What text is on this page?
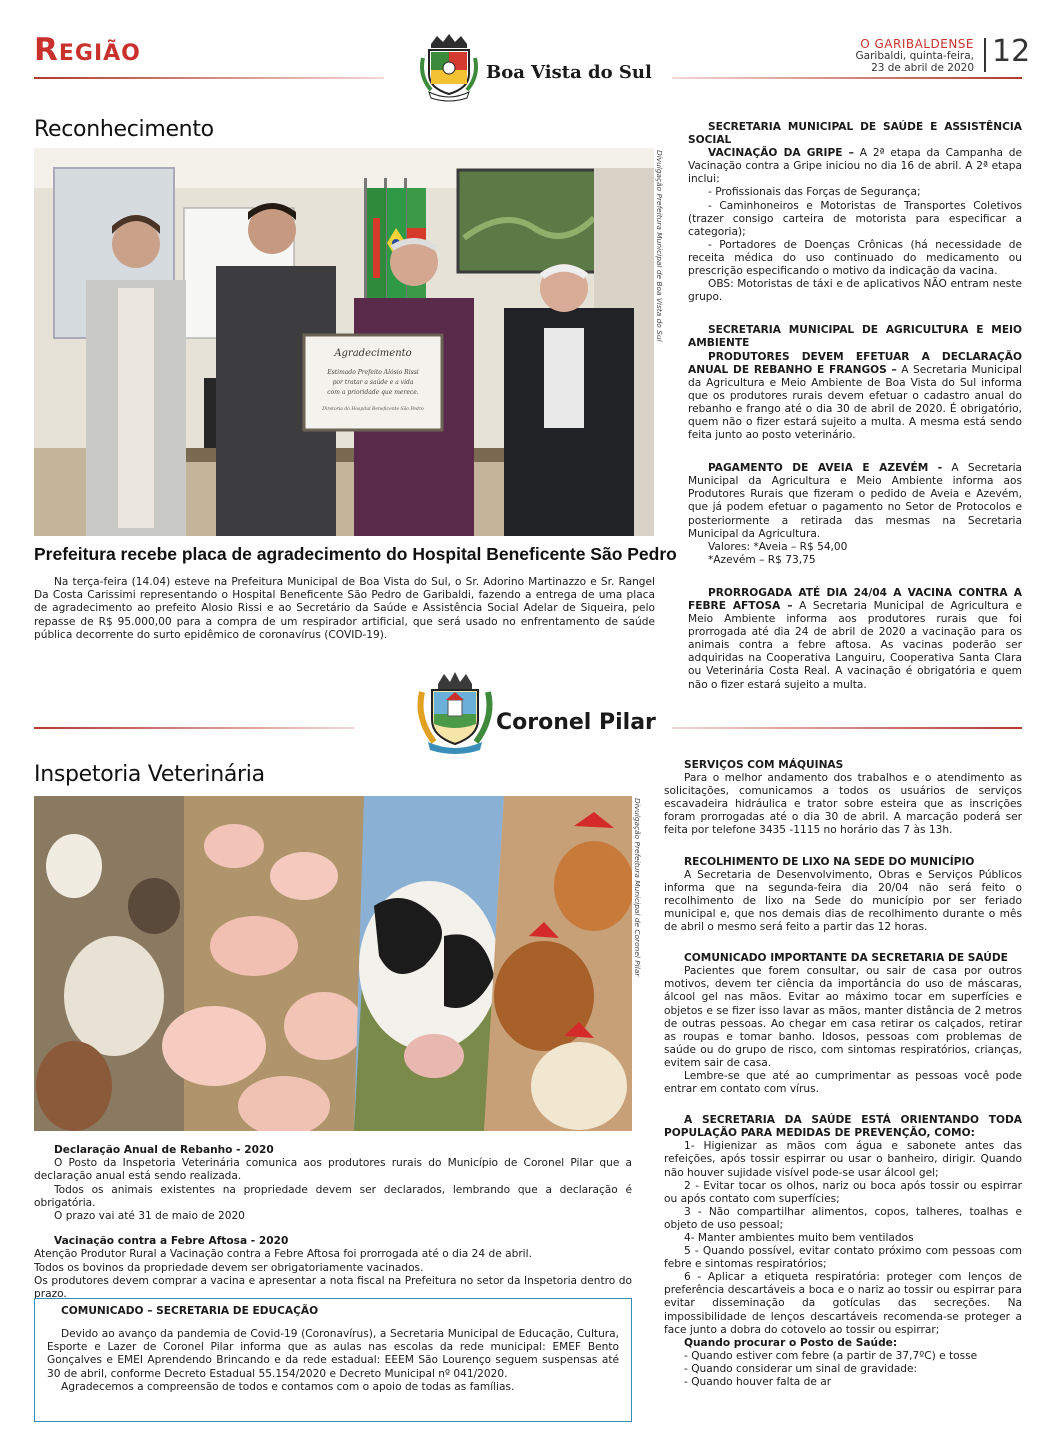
Região
Boa Vista do Sul
O GARIBALDENSE
Garibaldi, quinta-feira,
23 de abril de 2020 12
Reconhecimento
Agradecimento
Estimado Prefeito Alósio Rissi
por tratar a saúde e a vida
com a prioridade que merece.
Diretoria do Hospital Beneficente São Pedro
Divulgação Prefeitura Municipal de Boa Vista do Sul
Prefeitura recebe placa de agradecimento do Hospital Beneficente São Pedro

Na terça-feira (14.04) esteve na Prefeitura Municipal de Boa Vista do Sul, o Sr. Adorino Martinazzo e Sr. Rangel Da Costa Carissimi representando o Hospital Beneficente São Pedro de Garibaldi, fazendo a entrega de uma placa de agradecimento ao prefeito Alosio Rissi e ao Secretário da Saúde e Assistência Social Adelar de Siqueira, pelo repasse de R$ 95.000,00 para a compra de um respirador artificial, que será usado no enfrentamento de saúde pública decorrente do surto epidêmico de coronavírus (COVID-19).

SECRETARIA MUNICIPAL DE SAÚDE E ASSISTÊNCIA SOCIAL
VACINAÇÃO DA GRIPE – A 2ª etapa da Campanha de Vacinação contra a Gripe iniciou no dia 16 de abril. A 2ª etapa inclui:
- Profissionais das Forças de Segurança;
- Caminhoneiros e Motoristas de Transportes Coletivos (trazer consigo carteira de motorista para especificar a categoria);
- Portadores de Doenças Crônicas (há necessidade de receita médica do uso continuado do medicamento ou prescrição especificando o motivo da indicação da vacina.
OBS: Motoristas de táxi e de aplicativos NÃO entram neste grupo.
SECRETARIA MUNICIPAL DE AGRICULTURA E MEIO AMBIENTE
PRODUTORES DEVEM EFETUAR A DECLARAÇÃO ANUAL DE REBANHO E FRANGOS – A Secretaria Municipal da Agricultura e Meio Ambiente de Boa Vista do Sul informa que os produtores rurais devem efetuar o cadastro anual do rebanho e frango até o dia 30 de abril de 2020. É obrigatório, quem não o fizer estará sujeito a multa. A mesma está sendo feita junto ao posto veterinário.
PAGAMENTO DE AVEIA E AZEVÉM - A Secretaria Municipal da Agricultura e Meio Ambiente informa aos Produtores Rurais que fizeram o pedido de Aveia e Azevém, que já podem efetuar o pagamento no Setor de Protocolos e posteriormente a retirada das mesmas na Secretaria Municipal da Agricultura.
Valores: *Aveia – R$ 54,00
*Azevém – R$ 73,75
PRORROGADA ATÉ DIA 24/04 A VACINA CONTRA A FEBRE AFTOSA – A Secretaria Municipal de Agricultura e Meio Ambiente informa aos produtores rurais que foi prorrogada até dia 24 de abril de 2020 a vacinação para os animais contra a febre aftosa. As vacinas poderão ser adquiridas na Cooperativa Languiru, Cooperativa Santa Clara ou Veterinária Costa Real. A vacinação é obrigatória e quem não o fizer estará sujeito a multa.
Coronel Pilar
Inspetoria Veterinária
Divulgação Prefeitura Municipal de Coronel Pilar
Declaração Anual de Rebanho - 2020

O Posto da Inspetoria Veterinária comunica aos produtores rurais do Município de Coronel Pilar que a declaração anual está sendo realizada.

Todos os animais existentes na propriedade devem ser declarados, lembrando que a declaração é obrigatória.

O prazo vai até 31 de maio de 2020

Vacinação contra a Febre Aftosa - 2020
Atenção Produtor Rural a Vacinação contra a Febre Aftosa foi prorrogada até o dia 24 de abril.
Todos os bovinos da propriedade devem ser obrigatoriamente vacinados.
Os produtores devem comprar a vacina e apresentar a nota fiscal na Prefeitura no setor da Inspetoria dentro do prazo.
COMUNICADO – SECRETARIA DE EDUCAÇÃO

Devido ao avanço da pandemia de Covid-19 (Coronavírus), a Secretaria Municipal de Educação, Cultura, Esporte e Lazer de Coronel Pilar informa que as aulas nas escolas da rede municipal: EMEF Bento Gonçalves e EMEI Aprendendo Brincando e da rede estadual: EEEM São Lourenço seguem suspensas até 30 de abril, conforme Decreto Estadual 55.154/2020 e Decreto Municipal nº 041/2020.

Agradecemos a compreensão de todos e contamos com o apoio de todas as famílias.

SERVIÇOS COM MÁQUINAS
Para o melhor andamento dos trabalhos e o atendimento as solicitações, comunicamos a todos os usuários de serviços escavadeira hidráulica e trator sobre esteira que as inscrições foram prorrogadas até o dia 30 de abril. A marcação poderá ser feita por telefone 3435 -1115 no horário das 7 às 13h.
RECOLHIMENTO DE LIXO NA SEDE DO MUNICÍPIO
A Secretaria de Desenvolvimento, Obras e Serviços Públicos informa que na segunda-feira dia 20/04 não será feito o recolhimento de lixo na Sede do município por ser feriado municipal e, que nos demais dias de recolhimento durante o mês de abril o mesmo será feito a partir das 12 horas.
COMUNICADO IMPORTANTE DA SECRETARIA DE SAÚDE
Pacientes que forem consultar, ou sair de casa por outros motivos, devem ter ciência da importância do uso de máscaras, álcool gel nas mãos. Evitar ao máximo tocar em superfícies e objetos e se fizer isso lavar as mãos, manter distância de 2 metros de outras pessoas. Ao chegar em casa retirar os calçados, retirar as roupas e tomar banho. Idosos, pessoas com problemas de saúde ou do grupo de risco, com sintomas respiratórios, crianças, evitem sair de casa.
Lembre-se que até ao cumprimentar as pessoas você pode entrar em contato com vírus.
A SECRETARIA DA SAÚDE ESTÁ ORIENTANDO TODA POPULAÇÃO PARA MEDIDAS DE PREVENÇÃO, COMO:
1- Higienizar as mãos com água e sabonete antes das refeições, após tossir espirrar ou usar o banheiro, dirigir. Quando não houver sujidade visível pode-se usar álcool gel;
2 - Evitar tocar os olhos, nariz ou boca após tossir ou espirrar ou após contato com superfícies;
3 - Não compartilhar alimentos, copos, talheres, toalhas e objeto de uso pessoal;
4- Manter ambientes muito bem ventilados
5 - Quando possível, evitar contato próximo com pessoas com febre e sintomas respiratórios;
6 - Aplicar a etiqueta respiratória: proteger com lenços de preferência descartáveis a boca e o nariz ao tossir ou espirrar para evitar disseminação da gotículas das secreções. Na impossibilidade de lenços descartáveis recomenda-se proteger a face junto a dobra do cotovelo ao tossir ou espirrar;
Quando procurar o Posto de Saúde:
- Quando estiver com febre (a partir de 37,7ºC) e tosse
- Quando considerar um sinal de gravidade:
- Quando houver falta de ar
